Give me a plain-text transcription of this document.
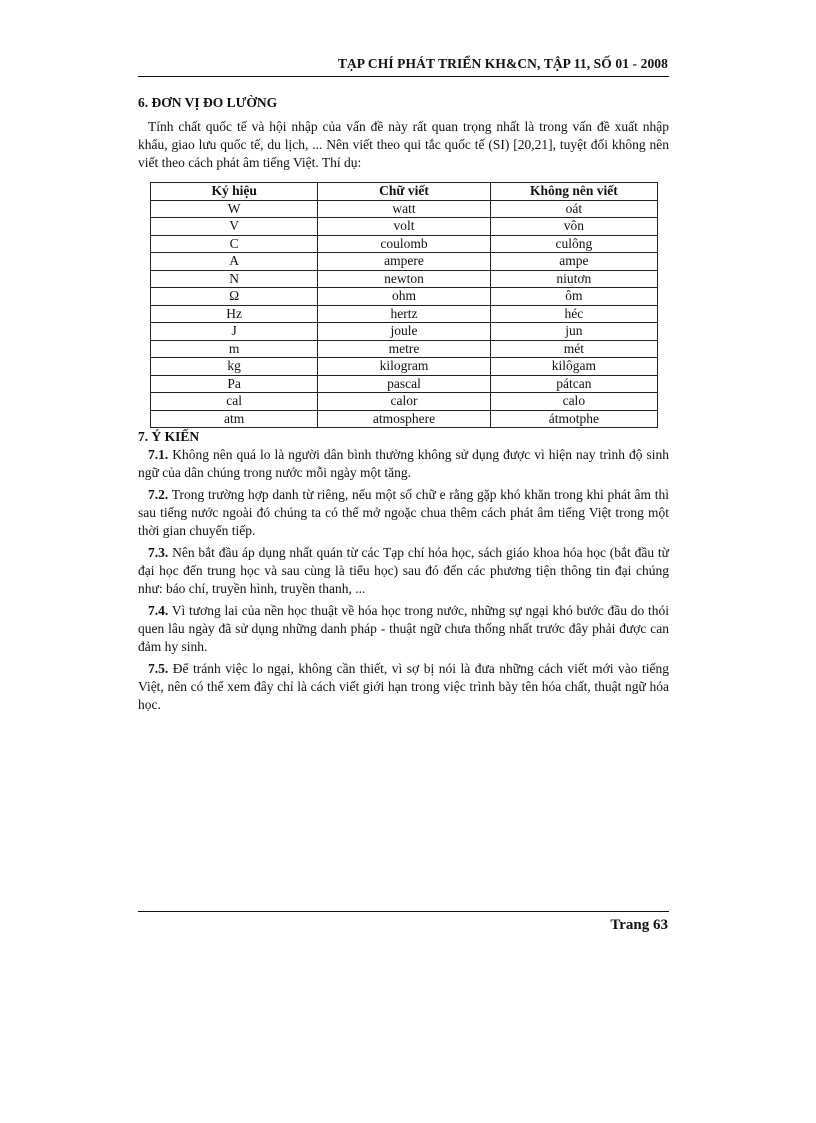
TẠP CHÍ PHÁT TRIỂN KH&CN, TẬP 11, SỐ 01 - 2008
6. ĐƠN VỊ ĐO LƯỜNG

Tính chất quốc tế và hội nhập của vấn đề này rất quan trọng nhất là trong vấn đề xuất nhập khẩu, giao lưu quốc tế, du lịch, ... Nên viết theo qui tắc quốc tế (SI) [20,21], tuyệt đối không nên viết theo cách phát âm tiếng Việt. Thí dụ:

Ký hiệu	Chữ viết	Không nên viết
W	watt	oát
V	volt	vôn
C	coulomb	culông
A	ampere	ampe
N	newton	niutơn
Ω	ohm	ôm
Hz	hertz	héc
J	joule	jun
m	metre	mét
kg	kilogram	kilôgam
Pa	pascal	pátcan
cal	calor	calo
atm	atmosphere	átmotphe
7. Ý KIẾN

7.1. Không nên quá lo là người dân bình thường không sử dụng được vì hiện nay trình độ sinh ngữ của dân chúng trong nước mỗi ngày một tăng.

7.2. Trong trường hợp danh từ riêng, nếu một số chữ e rằng gặp khó khăn trong khi phát âm thì sau tiếng nước ngoài đó chúng ta có thể mở ngoặc chua thêm cách phát âm tiếng Việt trong một thời gian chuyển tiếp.

7.3. Nên bắt đầu áp dụng nhất quán từ các Tạp chí hóa học, sách giáo khoa hóa học (bắt đầu từ đại học đến trung học và sau cùng là tiểu học) sau đó đến các phương tiện thông tin đại chúng như: báo chí, truyền hình, truyền thanh, ...

7.4. Vì tương lai của nền học thuật về hóa học trong nước, những sự ngại khó bước đầu do thói quen lâu ngày đã sử dụng những danh pháp - thuật ngữ chưa thống nhất trước đây phải được can đảm hy sinh.

7.5. Để tránh việc lo ngại, không cần thiết, vì sợ bị nói là đưa những cách viết mới vào tiếng Việt, nên có thể xem đây chỉ là cách viết giới hạn trong việc trình bày tên hóa chất, thuật ngữ hóa học.

Trang 63
